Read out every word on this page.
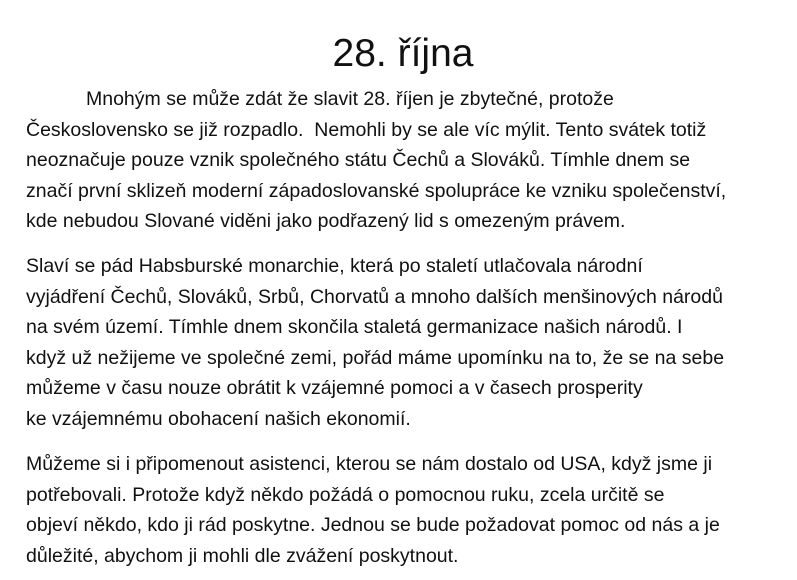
28. října

Mnohým se může zdát že slavit 28. říjen je zbytečné, protože
Československo se již rozpadlo.  Nemohli by se ale víc mýlit. Tento svátek totiž
neoznačuje pouze vznik společného státu Čechů a Slováků. Tímhle dnem se
značí první sklizeň moderní západoslovanské spolupráce ke vzniku společenství,
kde nebudou Slované viděni jako podřazený lid s omezeným právem.

Slaví se pád Habsburské monarchie, která po staletí utlačovala národní
vyjádření Čechů, Slováků, Srbů, Chorvatů a mnoho dalších menšinových národů
na svém území. Tímhle dnem skončila staletá germanizace našich národů. I
když už nežijeme ve společné zemi, pořád máme upomínku na to, že se na sebe
můžeme v času nouze obrátit k vzájemné pomoci a v časech prosperity
ke vzájemnému obohacení našich ekonomií.

Můžeme si i připomenout asistenci, kterou se nám dostalo od USA, když jsme ji
potřebovali. Protože když někdo požádá o pomocnou ruku, zcela určitě se
objeví někdo, kdo ji rád poskytne. Jednou se bude požadovat pomoc od nás a je
důležité, abychom ji mohli dle zvážení poskytnout.
